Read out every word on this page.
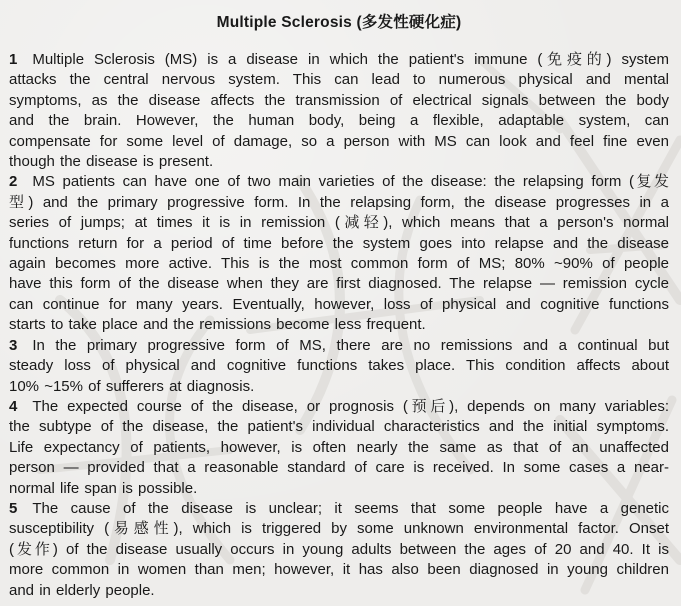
Multiple Sclerosis (多发性硬化症)
1 Multiple Sclerosis (MS) is a disease in which the patient's immune (免疫的) system
attacks the central nervous system. This can lead to numerous physical and mental
symptoms, as the disease affects the transmission of electrical signals between the body
and the brain. However, the human body, being a flexible, adaptable system, can
compensate for some level of damage, so a person with MS can look and feel fine even
though the disease is present.
2 MS patients can have one of two main varieties of the disease: the relapsing form (复发
型) and the primary progressive form. In the relapsing form, the disease progresses in a
series of jumps; at times it is in remission (减轻), which means that a person's normal
functions return for a period of time before the system goes into relapse and the disease
again becomes more active. This is the most common form of MS; 80% ~90% of people
have this form of the disease when they are first diagnosed. The relapse — remission cycle
can continue for many years. Eventually, however, loss of physical and cognitive functions
starts to take place and the remissions become less frequent.
3 In the primary progressive form of MS, there are no remissions and a continual but
steady loss of physical and cognitive functions takes place. This condition affects about
10% ~15% of sufferers at diagnosis.
4 The expected course of the disease, or prognosis (预后), depends on many variables:
the subtype of the disease, the patient's individual characteristics and the initial symptoms.
Life expectancy of patients, however, is often nearly the same as that of an unaffected
person — provided that a reasonable standard of care is received. In some cases a near-
normal life span is possible.
5 The cause of the disease is unclear; it seems that some people have a genetic
susceptibility (易感性), which is triggered by some unknown environmental factor. Onset
(发作) of the disease usually occurs in young adults between the ages of 20 and 40. It is
more common in women than men; however, it has also been diagnosed in young children
and in elderly people.
